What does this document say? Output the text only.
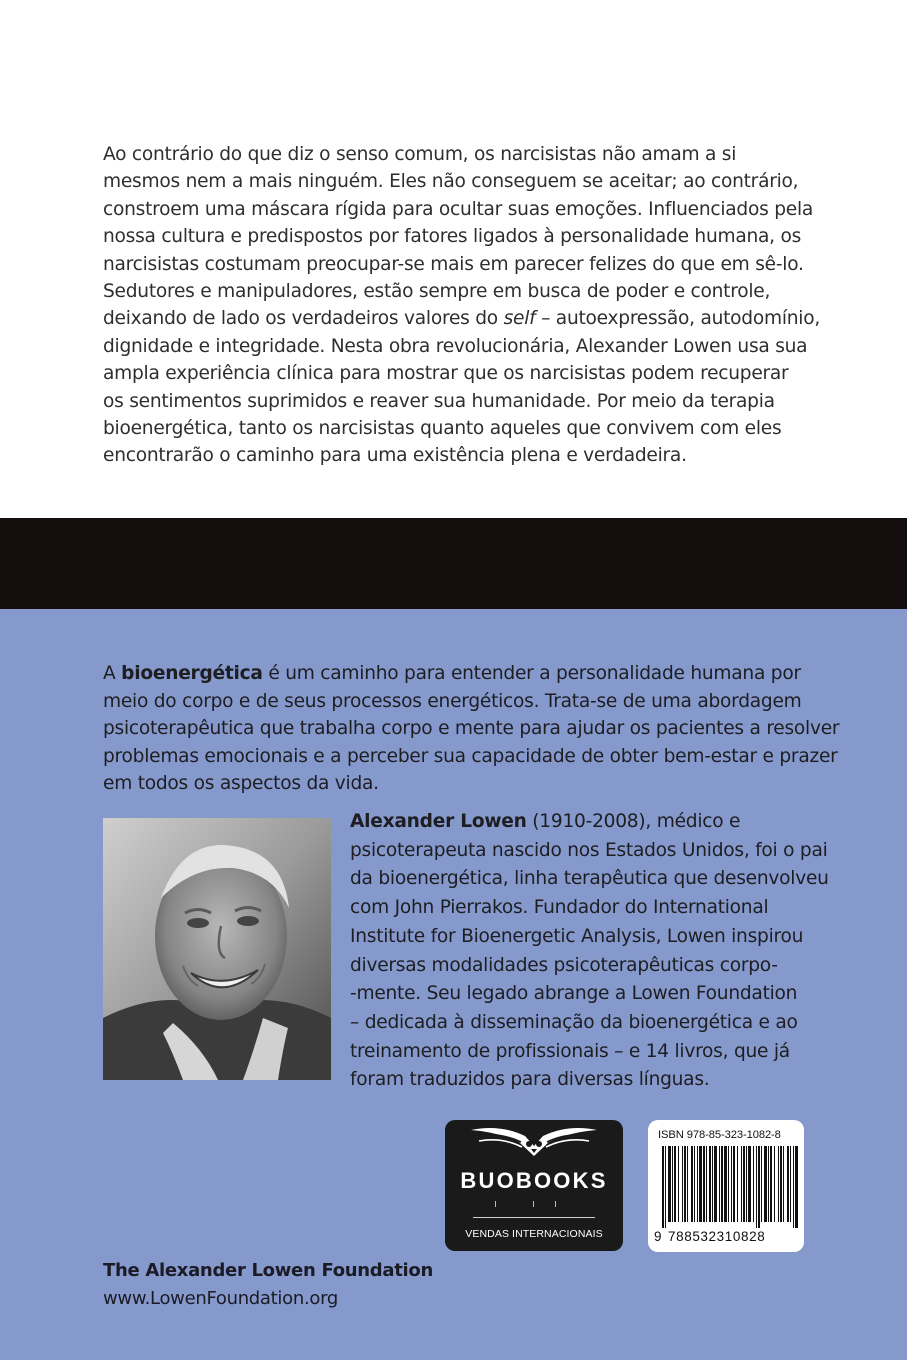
Ao contrário do que diz o senso comum, os narcisistas não amam a si
mesmos nem a mais ninguém. Eles não conseguem se aceitar; ao contrário,
constroem uma máscara rígida para ocultar suas emoções. Influenciados pela
nossa cultura e predispostos por fatores ligados à personalidade humana, os
narcisistas costumam preocupar-se mais em parecer felizes do que em sê-lo.
Sedutores e manipuladores, estão sempre em busca de poder e controle,
deixando de lado os verdadeiros valores do self – autoexpressão, autodomínio,
dignidade e integridade. Nesta obra revolucionária, Alexander Lowen usa sua
ampla experiência clínica para mostrar que os narcisistas podem recuperar
os sentimentos suprimidos e reaver sua humanidade. Por meio da terapia
bioenergética, tanto os narcisistas quanto aqueles que convivem com eles
encontrarão o caminho para uma existência plena e verdadeira.
A bioenergética é um caminho para entender a personalidade humana por
meio do corpo e de seus processos energéticos. Trata-se de uma abordagem
psicoterapêutica que trabalha corpo e mente para ajudar os pacientes a resolver
problemas emocionais e a perceber sua capacidade de obter bem-estar e prazer
em todos os aspectos da vida.
Alexander Lowen (1910-2008), médico e
psicoterapeuta nascido nos Estados Unidos, foi o pai
da bioenergética, linha terapêutica que desenvolveu
com John Pierrakos. Fundador do International
Institute for Bioenergetic Analysis, Lowen inspirou
diversas modalidades psicoterapêuticas corpo-
-mente. Seu legado abrange a Lowen Foundation
– dedicada à disseminação da bioenergética e ao
treinamento de profissionais – e 14 livros, que já
foram traduzidos para diversas línguas.
BUOBOOKS
VENDAS INTERNACIONAIS
ISBN 978-85-323-1082-8
9 788532310828
The Alexander Lowen Foundation
www.LowenFoundation.org
